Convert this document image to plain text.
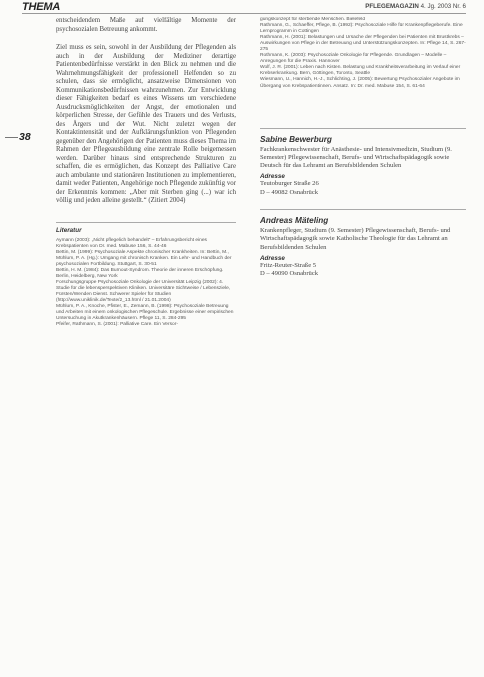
THEMA	PFLEGEMAGAZIN 4. Jg. 2003 Nr. 6
38

entscheidendem Maße auf vielfältige Momente der psychosozialen Betreuung ankommt.

Ziel muss es sein, sowohl in der Ausbildung der Pflegenden als auch in der Ausbildung der Mediziner derartige Patientenbedürfnisse verstärkt in den Blick zu nehmen und die Wahrnehmungsfähigkeit der professionell Helfenden so zu schulen, dass sie ermöglicht, ansatzweise Dimensionen von Kommunikationsbedürfnissen wahrzunehmen. Zur Entwicklung dieser Fähigkeiten bedarf es eines Wissens um verschiedene Ausdrucksmöglichkeiten der Angst, der emotionalen und körperlichen Stresse, der Gefühle des Trauers und des Verlusts, des Ärgers und der Wut. Nicht zuletzt wegen der Kontaktintensität und der Aufklärungsfunktion von Pflegenden gegenüber den Angehörigen der Patienten muss dieses Thema im Rahmen der Pflegeausbildung eine zentrale Rolle beigemessen werden. Darüber hinaus sind entsprechende Strukturen zu schaffen, die es ermöglichen, das Konzept des Palliative Care auch ambulante und stationären Institutionen zu implementieren, damit weder Patienten, Angehörige noch Pflegende zukünftig vor der Erkenntnis kommen: „Aber mit Sterben ging (...) war ich völlig und jeden alleine gestellt.“ (Zitiert 2004)

Literatur

Aymann (2003): „Nicht pflegelich behandelt“ – Erfahrungsbericht eines Krebspatienten von Dr. med. Mabuse 156, S. 44-46

Bettin, M. (1999): Psychosoziale Aspekte chronischer Krankheiten. In: Bettin, M., Mühlum, P. A. (Hg.): Umgang mit chronisch Kranken. Ein Lehr- und Handbuch der psychosozialen Fortbildung. Stuttgart, S. 30-51

Bettin, H. M. (1984): Das Burnout-Syndrom. Theorie der inneren Erschöpfung. Berlin, Heidelberg, New York

Forschungsgruppe Psychosoziale Onkologie der Universität Leipzig (2002): 4. Studie für die lebensperspektiven Kliniken. Universitäre Sichtweise / Lebensziele, Fürsten/Wenden Dienst. Schwerer Spieler für Studien (http://www.uniklinik.de/Texte/2_13.html / 21.01.2004)

Mühlum, P. A., Knoche, Pfister, E., Zemann, B. (1998): Psychosoziale Betreuung und Arbeiten mit einem onkologischen Pflegeschule. Ergebnisse einer empirischen Untersuchung in Akutkrankenhäusern. Pflege 11, S. 284-295

Pfeifer, Rathmann, S. (2001): Palliative Care. Ein Versor-

gungskonzept für sterbende Menschen. Bielefeld

Rathmann, G., Schaeffer, Pflege, B. (1992): Psychosoziale Hilfe für Krankenpflegeberufe. Eine Lernprogramm in Cottingen

Rathmann, H. (2001): Belastungen und Ursache der Pflegenden bei Patienten mit Brustkrebs – Auswirkungen von Pflege in der Betreuung und Unterstützungskonzepten. In: Pflege 14, S. 267-275

Rothmann, K. (2003): Psychosoziale Onkologie für Pflegende. Grundlagen – Modelle – Anregungen für die Praxis. Hannover

Wolf, J. R. (2001): Leben nach Kisten. Belastung und Krankheitsverarbeitung im Verlauf einer Krebserkrankung. Bern, Göttingen, Toronto, Seattle

Wiesmann, U., Hannich, H.-J., Schlichting, J. (2005): Bewertung Psychosozialer Angebote im Übergang von Krebspatientinnen. Ansatz. In: Dr. med. Mabuse 154, S. 61-64

Sabine Bewerburg

Fachkrankenschwester für Anästhesie- und Intensivmedizin, Studium (9. Semester) Pflegewissenschaft, Berufs- und Wirtschaftspädagogik sowie Deutsch für das Lehramt an Berufsbildenden Schulen

Adresse

Teutoburger Straße 26

D – 49082 Osnabrück

Andreas Mäteling

Krankenpfleger, Studium (9. Semester) Pflegewissenschaft, Berufs- und Wirtschaftspädagogik sowie Katholische Theologie für das Lehramt an Berufsbildenden Schulen

Adresse

Fritz-Reuter-Straße 5

D – 49090 Osnabrück
